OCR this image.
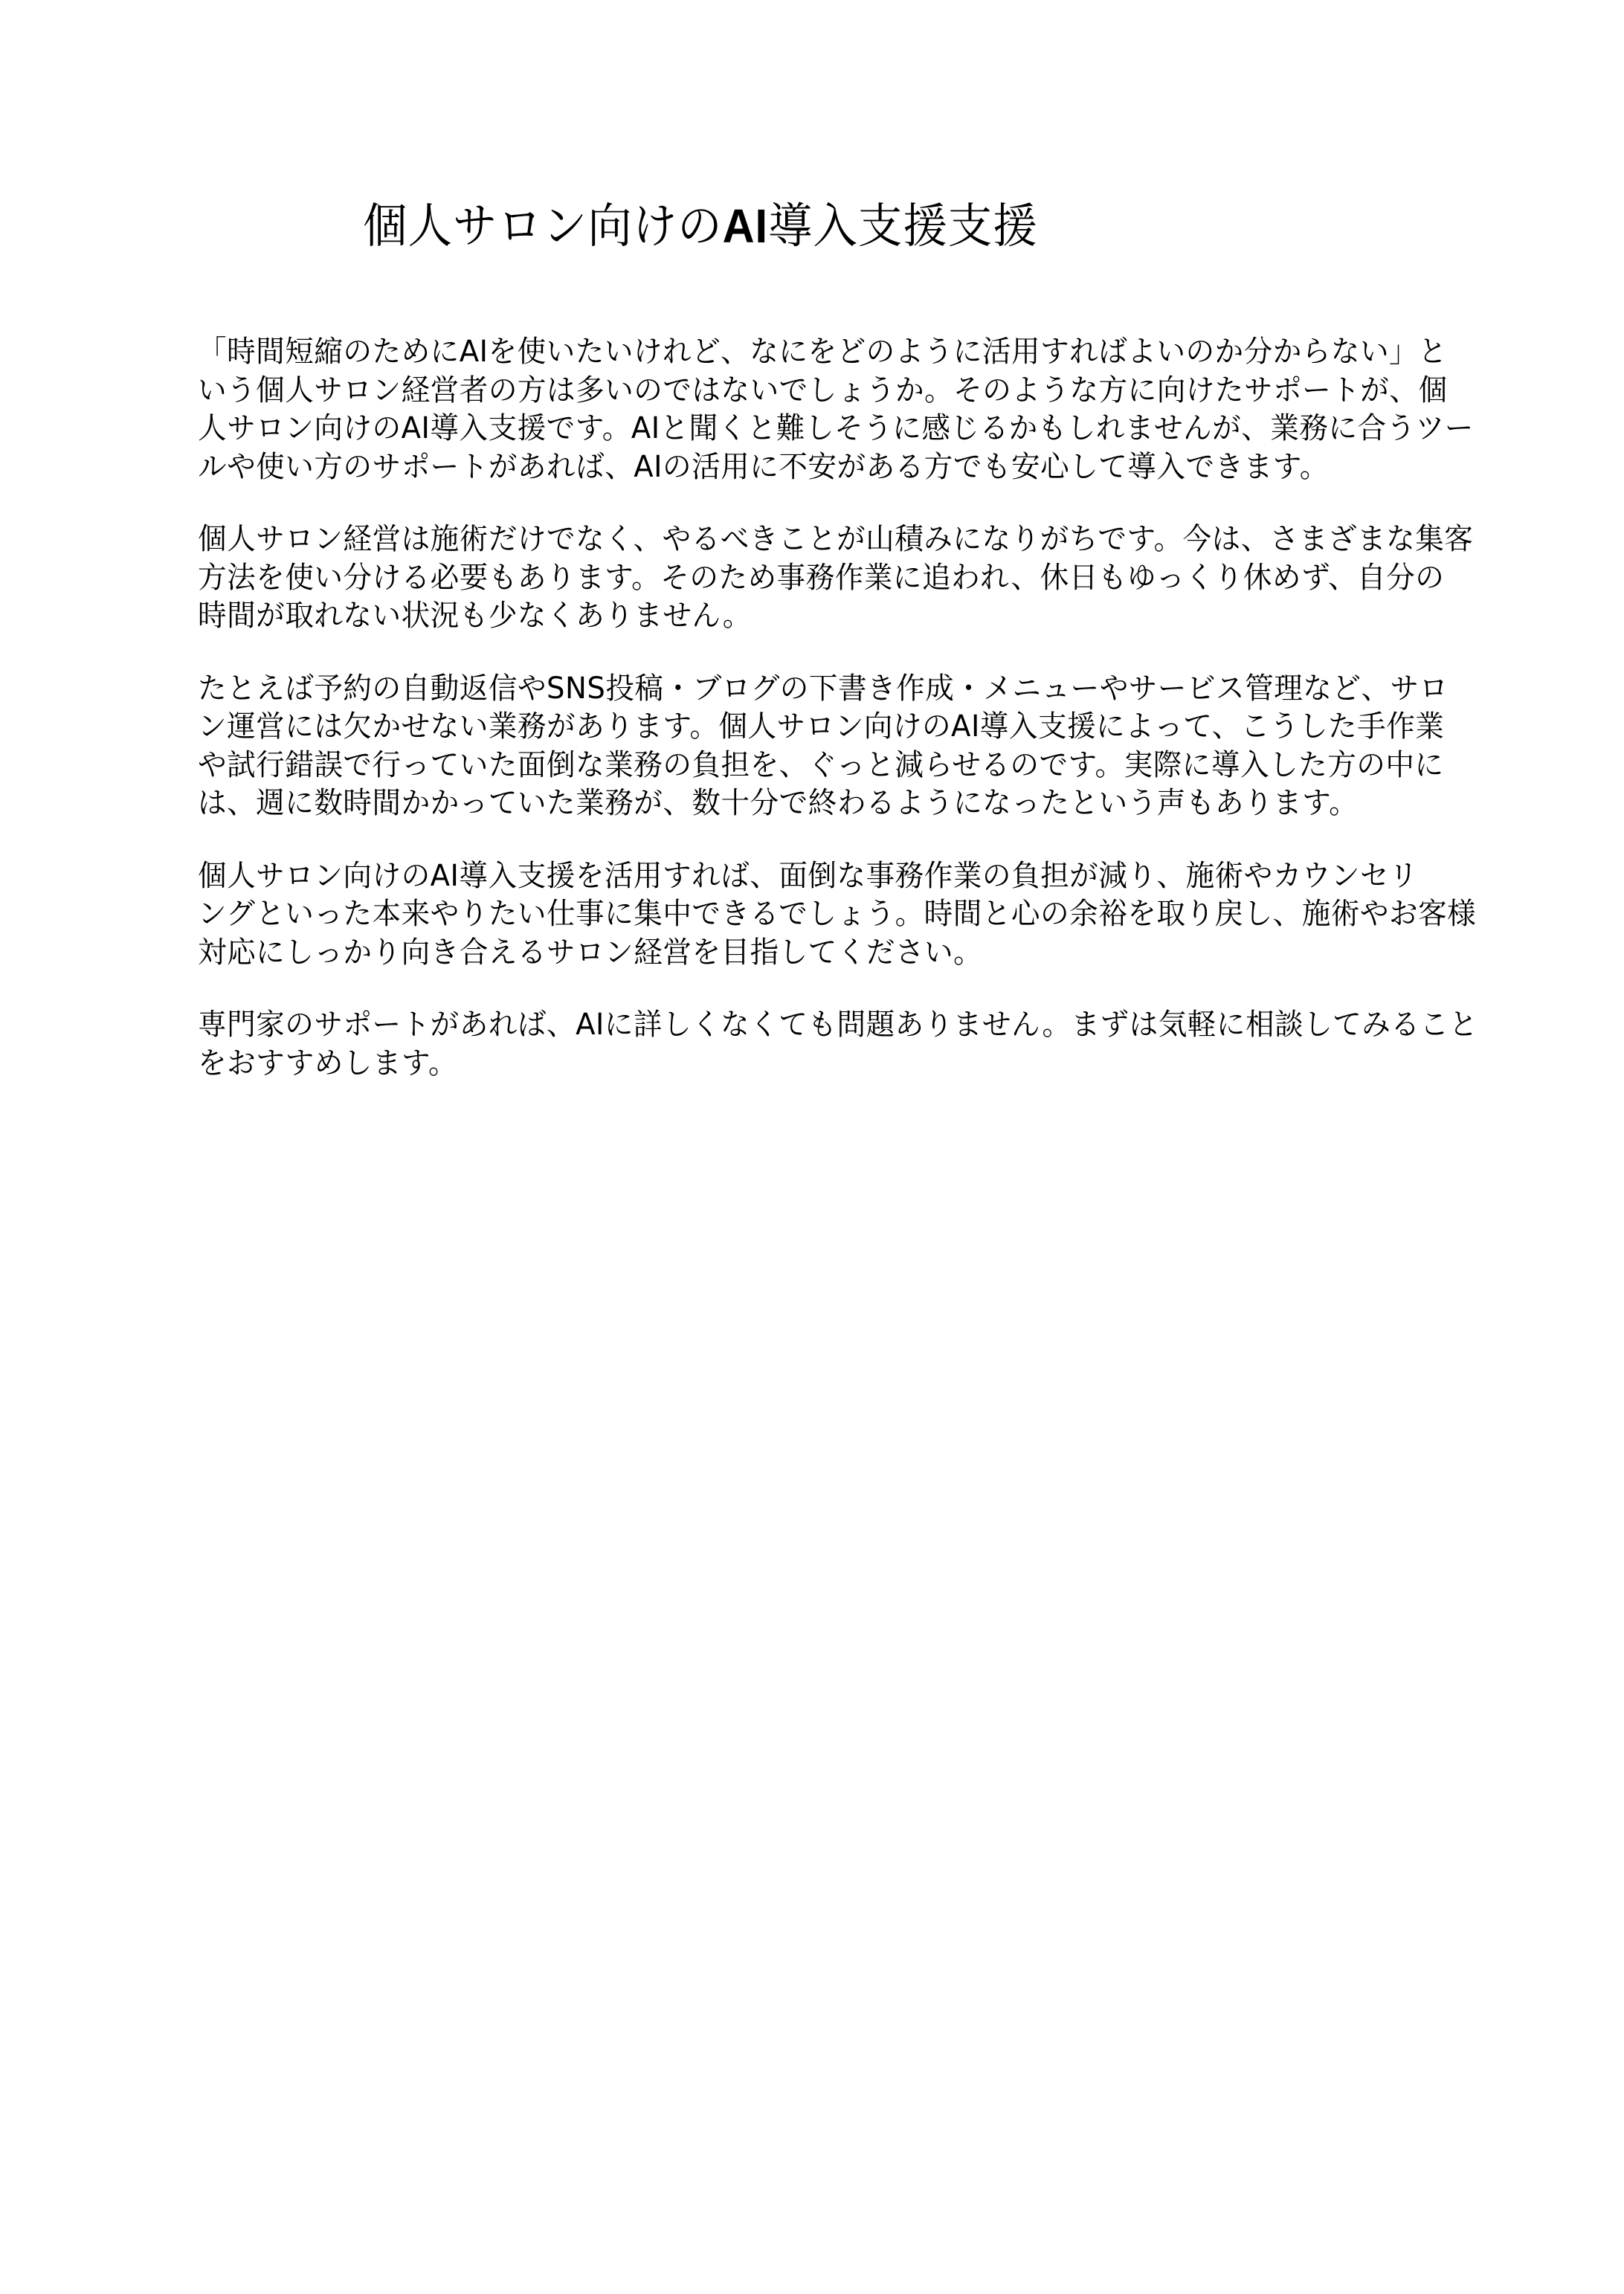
個人サロン向けのAI導入支援支援

「時間短縮のためにAIを使いたいけれど、なにをどのように活用すればよいのか分からない」と
いう個人サロン経営者の方は多いのではないでしょうか。そのような方に向けたサポートが、個
人サロン向けのAI導入支援です。AIと聞くと難しそうに感じるかもしれませんが、業務に合うツー
ルや使い方のサポートがあれば、AIの活用に不安がある方でも安心して導入できます。

個人サロン経営は施術だけでなく、やるべきことが山積みになりがちです。今は、さまざまな集客
方法を使い分ける必要もあります。そのため事務作業に追われ、休日もゆっくり休めず、自分の
時間が取れない状況も少なくありません。

たとえば予約の自動返信やSNS投稿・ブログの下書き作成・メニューやサービス管理など、サロ
ン運営には欠かせない業務があります。個人サロン向けのAI導入支援によって、こうした手作業
や試行錯誤で行っていた面倒な業務の負担を、ぐっと減らせるのです。実際に導入した方の中に
は、週に数時間かかっていた業務が、数十分で終わるようになったという声もあります。

個人サロン向けのAI導入支援を活用すれば、面倒な事務作業の負担が減り、施術やカウンセリ
ングといった本来やりたい仕事に集中できるでしょう。時間と心の余裕を取り戻し、施術やお客様
対応にしっかり向き合えるサロン経営を目指してください。

専門家のサポートがあれば、AIに詳しくなくても問題ありません。まずは気軽に相談してみること
をおすすめします。
